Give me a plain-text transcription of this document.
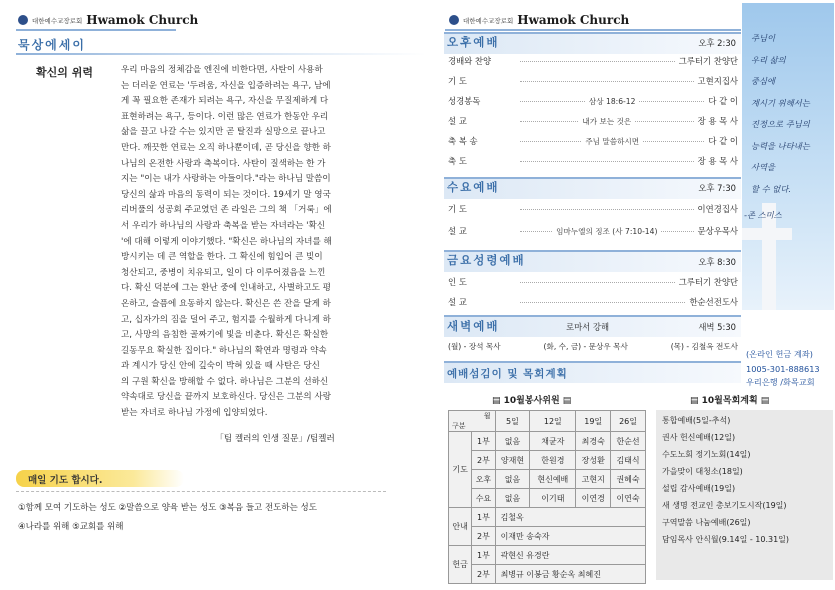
대한예수교장로회 Hwamok Church
묵상에세이
확신의 위력	우리 마음의 정체감을 엔진에 비한다면, 사탄이 사용하

는 더러운 연료는 '두려움, 자신을 입증하려는 욕구, 남에

게 꼭 필요한 존재가 되려는 욕구, 자신을 무질제하게 다

표현하려는 욕구, 등이다. 이런 많은 연료가 한동안 우리

삶을 끌고 나갈 수는 있지만 곧 탈진과 실망으로 끝나고

만다. 깨끗한 연료는 오직 하나뿐이데, 곧 당신을 향한 하

나님의 온전한 사랑과 축복이다. 사탄이 질색하는 한 가

지는 "이는 내가 사랑하는 아들이다."라는 하나님 말씀이

당신의 삶과 마음의 동력이 되는 것이다. 19세기 말 영국

리버풀의 성공회 주교였던 존 라일은 그의 책 「거룩」에

서 우리가 하나님의 사랑과 축복을 받는 자녀라는 '확신

'에 대해 이렇게 이야기했다. "확신은 하나님의 자녀를 해

방시키는 데 큰 역할을 한다. 그 확신에 힘입어 큰 빚이

청산되고, 중병이 치유되고, 일이 다 이루어졌음을 느낀

다. 확신 덕분에 그는 환난 중에 인내하고, 사별하고도 평

온하고, 슬픔에 요동하지 않는다. 확신은 쓴 잔을 달게 하

고, 십자가의 짐을 덜어 주고, 험지를 수월하게 다니게 하

고, 사망의 음침한 골짜기에 빛을 비춘다. 확신은 확실한

길동무요 확실한 집이다." 하나님의 확연과 명령과 약속

과 계시가 당신 안에 깊숙이 박혀 있을 때 사탄은 당신

의 구원 확신을 방해할 수 없다. 하나님은 그분의 선하신

약속대로 당신을 끝까지 보호하신다. 당신은 그분의 사랑

받는 자녀로 하나님 가정에 입양되었다.

「팀 켈러의 인생 질문」/팀켈러
매일 기도 합시다.
①함께 모여 기도하는 성도 ②말씀으로 양육 받는 성도 ③복음 들고 전도하는 성도
④나라를 위해 ⑤교회를 위해
대한예수교장로회 Hwamok Church
오후예배	오후 2:30
경배와 찬양	그루터기 찬양단
기 도	고현지집사
성경봉독	삼상 18:6-12	다 같 이
설 교	내가 보는 것은	장 용 목 사
축 복 송	주님 말씀하시면	다 같 이
축 도	장 용 목 사
수요예배	오후 7:30
기 도	이연경집사
설 교	임마누엘의 징조 (사 7:10-14)	문상우목사
금요성령예배	오후 8:30
인 도	그루터기 찬양단
설 교	한순선전도사
새벽예배	로마서 강해	새벽 5:30
(월) - 장석 목사	(화, 수, 금) - 문상우 목사	(목) - 김철옥 전도사
주님이
우리 삶의
중심에
계시기 위해서는
진정으로 주님의
능력을 나타내는
사역을
할 수 없다.
-존 스미스
(온라인 헌금 계좌)
1005-301-888613
우리은행 /화목교회
예배섬김이 및 목회계획
▤ 10월봉사위원 ▤	▤ 10월목회계획 ▤
월
구분		5일	12일	19일	26일
기도	1부	없음	채균자	최경숙	한순선
	2부	양재현	한원경	장성환	김태식
	오후	없음	현신예배	고현지	권혜숙
	수요	없음	이기태	이연경	이연숙
안내	1부	김철옥			
	2부	이재만 송숙자			
헌금	1부	곽현신 유경란			
	2부	최병규 이봉금 황순옥 최혜진			
통합예배(5일-추석)
권사 헌신예배(12일)
수도노회 정기노회(14일)
가을맞이 대청소(18일)
설립 감사예배(19일)
새 생명 전교인 총보기도시작(19일)
구역말씀 나눔예배(26일)
담임목사 안식월(9.14일 - 10.31일)
